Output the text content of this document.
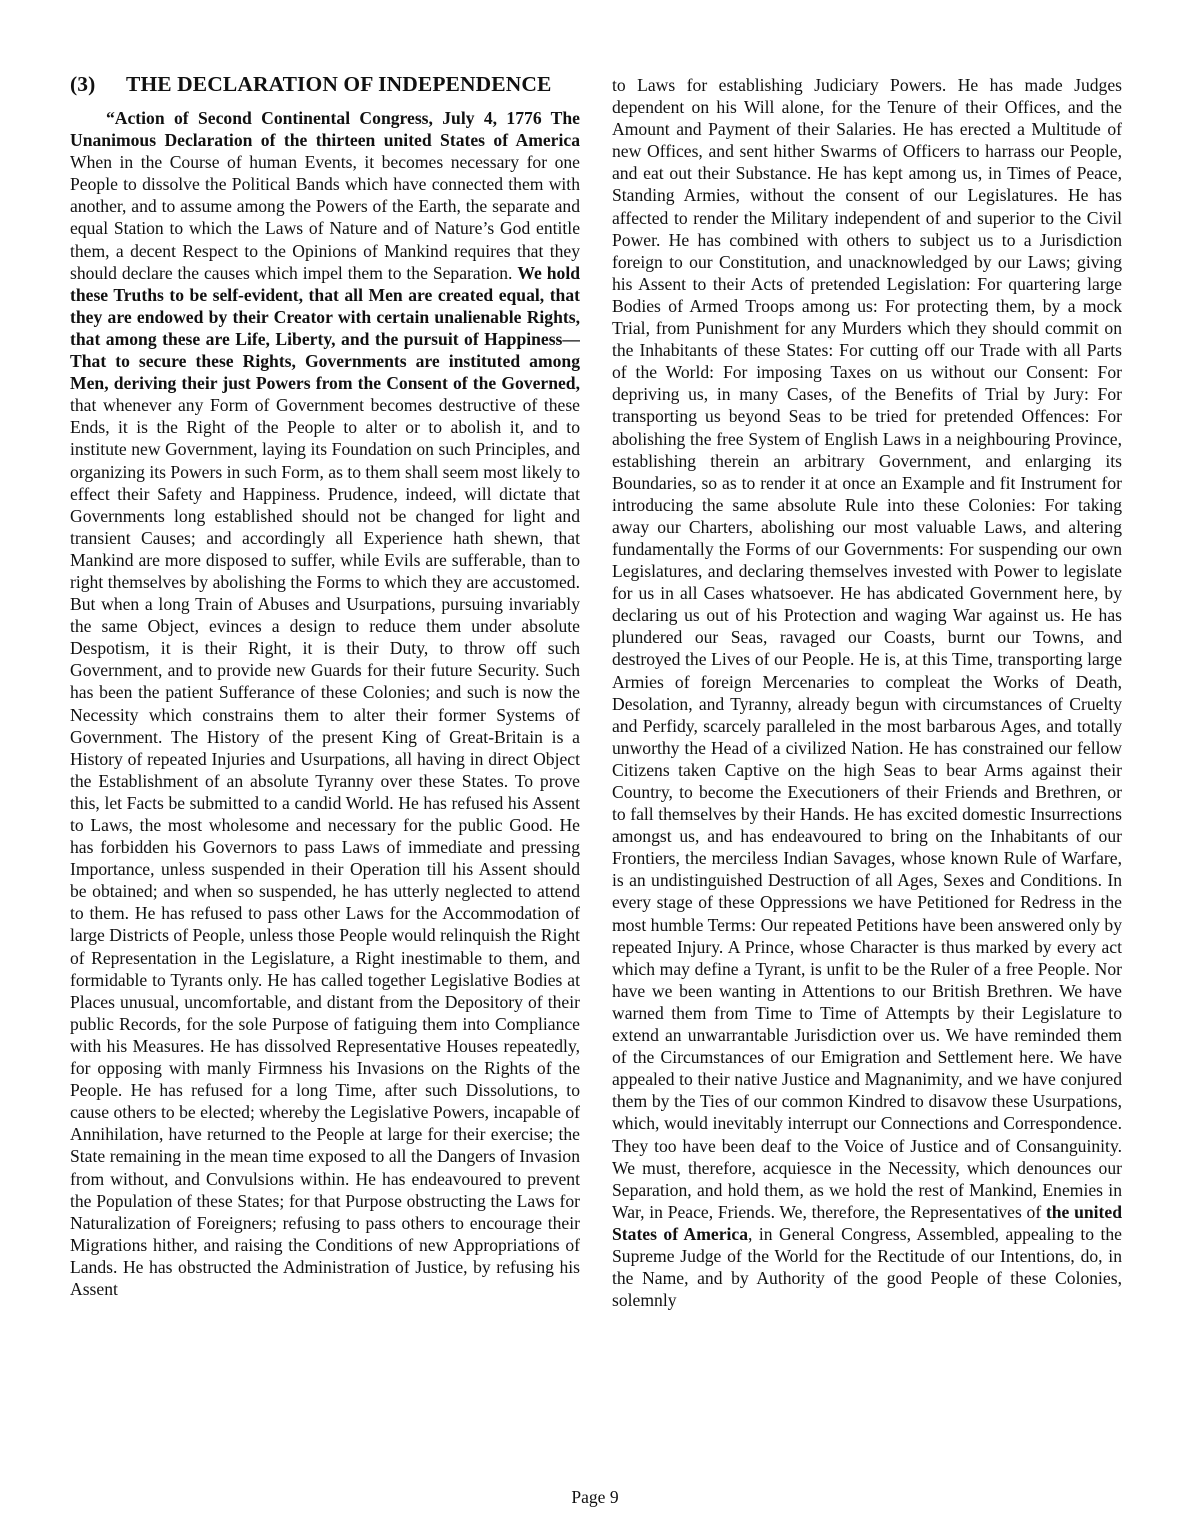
(3)	THE DECLARATION OF INDEPENDENCE

“Action of Second Continental Congress, July 4, 1776 The Unanimous Declaration of the thirteen united States of America When in the Course of human Events, it becomes necessary for one People to dissolve the Political Bands which have connected them with another, and to assume among the Powers of the Earth, the separate and equal Station to which the Laws of Nature and of Nature’s God entitle them, a decent Respect to the Opinions of Mankind requires that they should declare the causes which impel them to the Separation. We hold these Truths to be self-evident, that all Men are created equal, that they are endowed by their Creator with certain unalienable Rights, that among these are Life, Liberty, and the pursuit of Happiness—That to secure these Rights, Governments are instituted among Men, deriving their just Powers from the Consent of the Governed, that whenever any Form of Government becomes destructive of these Ends, it is the Right of the People to alter or to abolish it, and to institute new Government, laying its Foundation on such Principles, and organizing its Powers in such Form, as to them shall seem most likely to effect their Safety and Happiness. Prudence, indeed, will dictate that Governments long established should not be changed for light and transient Causes; and accordingly all Experience hath shewn, that Mankind are more disposed to suffer, while Evils are sufferable, than to right themselves by abolishing the Forms to which they are accustomed. But when a long Train of Abuses and Usurpations, pursuing invariably the same Object, evinces a design to reduce them under absolute Despotism, it is their Right, it is their Duty, to throw off such Government, and to provide new Guards for their future Security. Such has been the patient Sufferance of these Colonies; and such is now the Necessity which constrains them to alter their former Systems of Government. The History of the present King of Great-Britain is a History of repeated Injuries and Usurpations, all having in direct Object the Establishment of an absolute Tyranny over these States. To prove this, let Facts be submitted to a candid World. He has refused his Assent to Laws, the most wholesome and necessary for the public Good. He has forbidden his Governors to pass Laws of immediate and pressing Importance, unless suspended in their Operation till his Assent should be obtained; and when so suspended, he has utterly neglected to attend to them. He has refused to pass other Laws for the Accommodation of large Districts of People, unless those People would relinquish the Right of Representation in the Legislature, a Right inestimable to them, and formidable to Tyrants only. He has called together Legislative Bodies at Places unusual, uncomfortable, and distant from the Depository of their public Records, for the sole Purpose of fatiguing them into Compliance with his Measures. He has dissolved Representative Houses repeatedly, for opposing with manly Firmness his Invasions on the Rights of the People. He has refused for a long Time, after such Dissolutions, to cause others to be elected; whereby the Legislative Powers, incapable of Annihilation, have returned to the People at large for their exercise; the State remaining in the mean time exposed to all the Dangers of Invasion from without, and Convulsions within. He has endeavoured to prevent the Population of these States; for that Purpose obstructing the Laws for Naturalization of Foreigners; refusing to pass others to encourage their Migrations hither, and raising the Conditions of new Appropriations of Lands. He has obstructed the Administration of Justice, by refusing his Assent

to Laws for establishing Judiciary Powers. He has made Judges dependent on his Will alone, for the Tenure of their Offices, and the Amount and Payment of their Salaries. He has erected a Multitude of new Offices, and sent hither Swarms of Officers to harrass our People, and eat out their Substance. He has kept among us, in Times of Peace, Standing Armies, without the consent of our Legislatures. He has affected to render the Military independent of and superior to the Civil Power. He has combined with others to subject us to a Jurisdiction foreign to our Constitution, and unacknowledged by our Laws; giving his Assent to their Acts of pretended Legislation: For quartering large Bodies of Armed Troops among us: For protecting them, by a mock Trial, from Punishment for any Murders which they should commit on the Inhabitants of these States: For cutting off our Trade with all Parts of the World: For imposing Taxes on us without our Consent: For depriving us, in many Cases, of the Benefits of Trial by Jury: For transporting us beyond Seas to be tried for pretended Offences: For abolishing the free System of English Laws in a neighbouring Province, establishing therein an arbitrary Government, and enlarging its Boundaries, so as to render it at once an Example and fit Instrument for introducing the same absolute Rule into these Colonies: For taking away our Charters, abolishing our most valuable Laws, and altering fundamentally the Forms of our Governments: For suspending our own Legislatures, and declaring themselves invested with Power to legislate for us in all Cases whatsoever. He has abdicated Government here, by declaring us out of his Protection and waging War against us. He has plundered our Seas, ravaged our Coasts, burnt our Towns, and destroyed the Lives of our People. He is, at this Time, transporting large Armies of foreign Mercenaries to compleat the Works of Death, Desolation, and Tyranny, already begun with circumstances of Cruelty and Perfidy, scarcely paralleled in the most barbarous Ages, and totally unworthy the Head of a civilized Nation. He has constrained our fellow Citizens taken Captive on the high Seas to bear Arms against their Country, to become the Executioners of their Friends and Brethren, or to fall themselves by their Hands. He has excited domestic Insurrections amongst us, and has endeavoured to bring on the Inhabitants of our Frontiers, the merciless Indian Savages, whose known Rule of Warfare, is an undistinguished Destruction of all Ages, Sexes and Conditions. In every stage of these Oppressions we have Petitioned for Redress in the most humble Terms: Our repeated Petitions have been answered only by repeated Injury. A Prince, whose Character is thus marked by every act which may define a Tyrant, is unfit to be the Ruler of a free People. Nor have we been wanting in Attentions to our British Brethren. We have warned them from Time to Time of Attempts by their Legislature to extend an unwarrantable Jurisdiction over us. We have reminded them of the Circumstances of our Emigration and Settlement here. We have appealed to their native Justice and Magnanimity, and we have conjured them by the Ties of our common Kindred to disavow these Usurpations, which, would inevitably interrupt our Connections and Correspondence. They too have been deaf to the Voice of Justice and of Consanguinity. We must, therefore, acquiesce in the Necessity, which denounces our Separation, and hold them, as we hold the rest of Mankind, Enemies in War, in Peace, Friends. We, therefore, the Representatives of the united States of America, in General Congress, Assembled, appealing to the Supreme Judge of the World for the Rectitude of our Intentions, do, in the Name, and by Authority of the good People of these Colonies, solemnly

Page 9
